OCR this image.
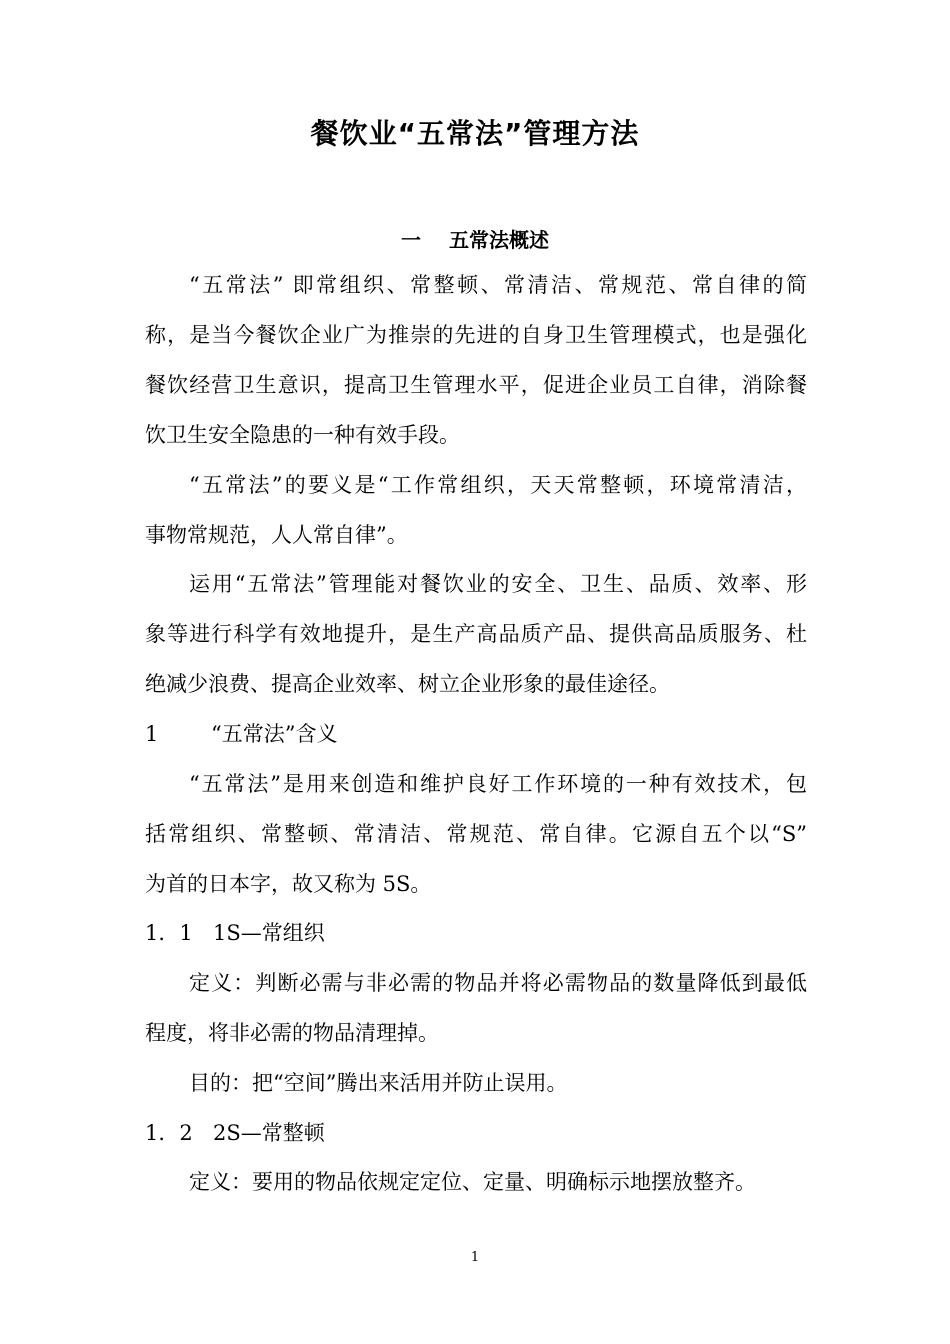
餐饮业“五常法”管理方法
一 五常法概述
“五常法” 即常组织、常整顿、常清洁、常规范、常自律的简
称，是当今餐饮企业广为推崇的先进的自身卫生管理模式，也是强化
餐饮经营卫生意识，提高卫生管理水平，促进企业员工自律，消除餐
饮卫生安全隐患的一种有效手段。
“五常法”的要义是“工作常组织，天天常整顿，环境常清洁，
事物常规范，人人常自律”。
运用“五常法”管理能对餐饮业的安全、卫生、品质、效率、形
象等进行科学有效地提升，是生产高品质产品、提供高品质服务、杜
绝减少浪费、提高企业效率、树立企业形象的最佳途径。
1	“五常法”含义
“五常法”是用来创造和维护良好工作环境的一种有效技术，包
括常组织、常整顿、常清洁、常规范、常自律。它源自五个以“S”
为首的日本字，故又称为 5S。
1．1 1S—常组织
定义：判断必需与非必需的物品并将必需物品的数量降低到最低
程度，将非必需的物品清理掉。
目的：把“空间”腾出来活用并防止误用。
1．2 2S—常整顿
定义：要用的物品依规定定位、定量、明确标示地摆放整齐。
1
